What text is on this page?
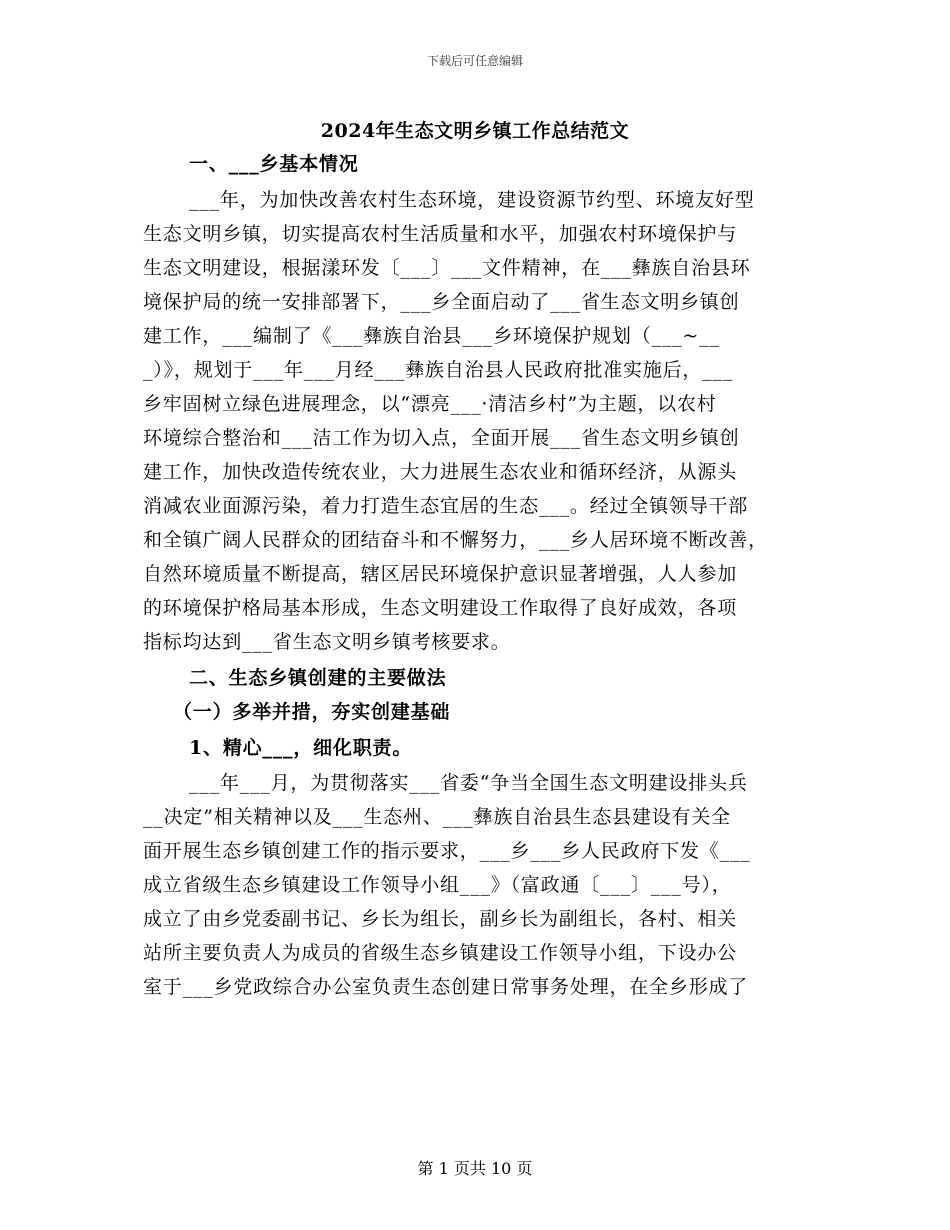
下载后可任意编辑
2024年生态文明乡镇工作总结范文
一、___乡基本情况
___年，为加快改善农村生态环境，建设资源节约型、环境友好型
生态文明乡镇，切实提高农村生活质量和水平，加强农村环境保护与
生态文明建设，根据漾环发〔___〕___文件精神，在___彝族自治县环
境保护局的统一安排部署下，___乡全面启动了___省生态文明乡镇创
建工作，___编制了《___彝族自治县___乡环境保护规划（___~__
_）》，规划于___年___月经___彝族自治县人民政府批准实施后，___
乡牢固树立绿色进展理念，以“漂亮___·清洁乡村”为主题，以农村
环境综合整治和___洁工作为切入点，全面开展___省生态文明乡镇创
建工作，加快改造传统农业，大力进展生态农业和循环经济，从源头
消减农业面源污染，着力打造生态宜居的生态___。经过全镇领导干部
和全镇广阔人民群众的团结奋斗和不懈努力，___乡人居环境不断改善，
自然环境质量不断提高，辖区居民环境保护意识显著增强，人人参加
的环境保护格局基本形成，生态文明建设工作取得了良好成效，各项
指标均达到___省生态文明乡镇考核要求。
二、生态乡镇创建的主要做法
（一）多举并措，夯实创建基础
1、精心___，细化职责。
___年___月，为贯彻落实___省委“争当全国生态文明建设排头兵
__决定”相关精神以及___生态州、___彝族自治县生态县建设有关全
面开展生态乡镇创建工作的指示要求，___乡___乡人民政府下发《___
成立省级生态乡镇建设工作领导小组___》（富政通〔___〕___号），
成立了由乡党委副书记、乡长为组长，副乡长为副组长，各村、相关
站所主要负责人为成员的省级生态乡镇建设工作领导小组，下设办公
室于___乡党政综合办公室负责生态创建日常事务处理，在全乡形成了
第 1 页共 10 页
